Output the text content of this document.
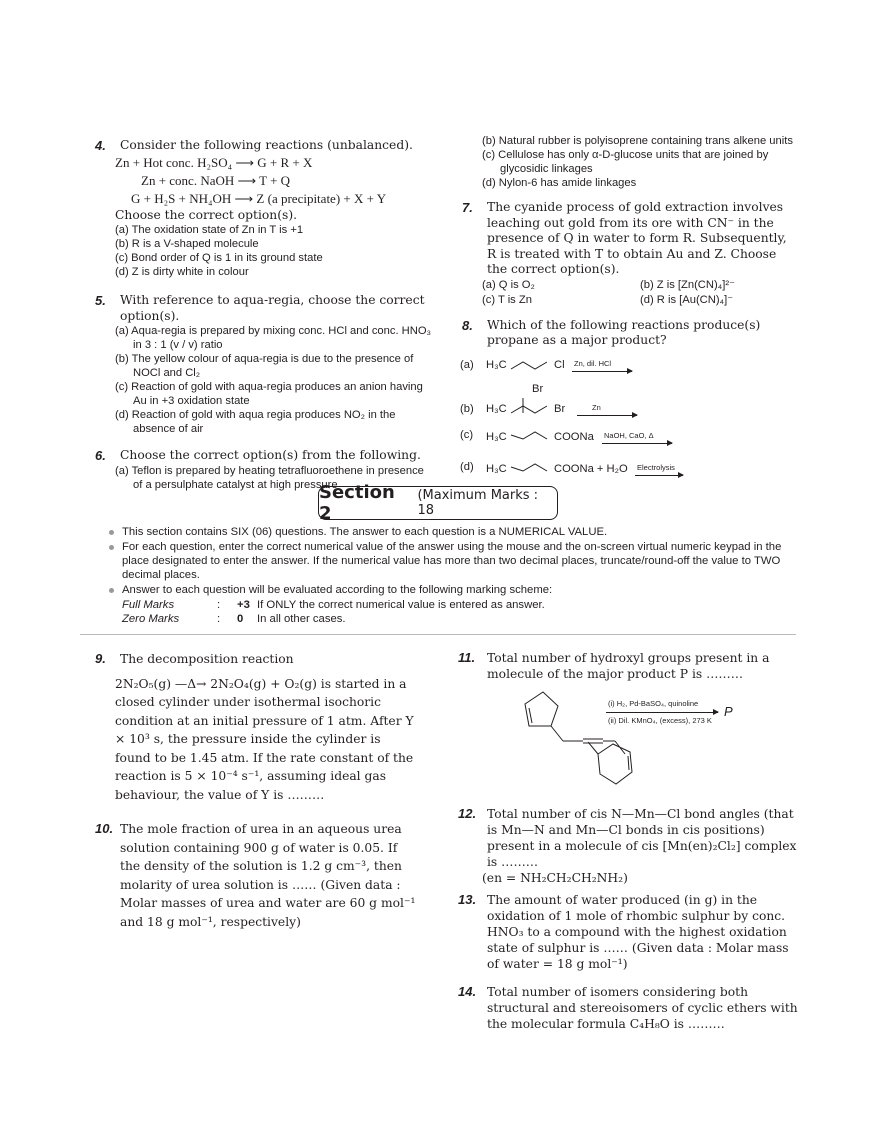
4.	Consider the following reactions (unbalanced).
Zn + Hot conc. H₂SO₄ ⟶ G + R + X
Zn + conc. NaOH ⟶ T + Q
G + H₂S + NH₄OH ⟶ Z (a precipitate) + X + Y
Choose the correct option(s).
(a) The oxidation state of Zn in T is +1
(b) R is a V-shaped molecule
(c) Bond order of Q is 1 in its ground state
(d) Z is dirty white in colour
5.	With reference to aqua-regia, choose the correct option(s).
(a) Aqua-regia is prepared by mixing conc. HCl and conc. HNO₃ in 3 : 1 (v / v) ratio
(b) The yellow colour of aqua-regia is due to the presence of NOCl and Cl₂
(c) Reaction of gold with aqua-regia produces an anion having Au in +3 oxidation state
(d) Reaction of gold with aqua regia produces NO₂ in the absence of air
6.	Choose the correct option(s) from the following.
(a) Teflon is prepared by heating tetrafluoroethene in presence of a persulphate catalyst at high pressure
(b) Natural rubber is polyisoprene containing trans alkene units
(c) Cellulose has only α-D-glucose units that are joined by glycosidic linkages
(d) Nylon-6 has amide linkages
7.	The cyanide process of gold extraction involves leaching out gold from its ore with CN⁻ in the presence of Q in water to form R. Subsequently, R is treated with T to obtain Au and Z. Choose the correct option(s).
(a) Q is O₂	(b) Z is [Zn(CN)₄]²⁻
(c) T is Zn	(d) R is [Au(CN)₄]⁻
8.	Which of the following reactions produce(s) propane as a major product?
(a) H₃C	Cl Zn, dil. HCl
Br
(b) H₃C	Br	Zn
(c) H₃C	COONa NaOH, CaO, Δ
(d) H₃C	COONa + H₂O Electrolysis
Section 2
(Maximum Marks : 18
This section contains SIX (06) questions. The answer to each question is a NUMERICAL VALUE.
For each question, enter the correct numerical value of the answer using the mouse and the on-screen virtual numeric keypad in the place designated to enter the answer. If the numerical value has more than two decimal places, truncate/round-off the value to TWO decimal places.
Answer to each question will be evaluated according to the following marking scheme:
Full Marks	:	+3 If ONLY the correct numerical value is entered as answer.
Zero Marks	:	0	In all other cases.
9.	The decomposition reaction
2N₂O₅(g) —Δ→ 2N₂O₄(g) + O₂(g) is started in a closed cylinder under isothermal isochoric condition at an initial pressure of 1 atm. After Y × 10³ s, the pressure inside the cylinder is found to be 1.45 atm. If the rate constant of the reaction is 5 × 10⁻⁴ s⁻¹, assuming ideal gas behaviour, the value of Y is ………
10. The mole fraction of urea in an aqueous urea solution containing 900 g of water is 0.05. If the density of the solution is 1.2 g cm⁻³, then molarity of urea solution is …… (Given data : Molar masses of urea and water are 60 g mol⁻¹ and 18 g mol⁻¹, respectively)
11. Total number of hydroxyl groups present in a molecule of the major product P is ………
(i) H₂, Pd-BaSO₄, quinoline
(ii) Dil. KMnO₄, (excess), 273 K
P
12. Total number of cis N—Mn—Cl bond angles (that is Mn—N and Mn—Cl bonds in cis positions) present in a molecule of cis [Mn(en)₂Cl₂] complex is ………
(en = NH₂CH₂CH₂NH₂)
13. The amount of water produced (in g) in the oxidation of 1 mole of rhombic sulphur by conc. HNO₃ to a compound with the highest oxidation state of sulphur is …… (Given data : Molar mass of water = 18 g mol⁻¹)
14. Total number of isomers considering both structural and stereoisomers of cyclic ethers with the molecular formula C₄H₈O is ………
